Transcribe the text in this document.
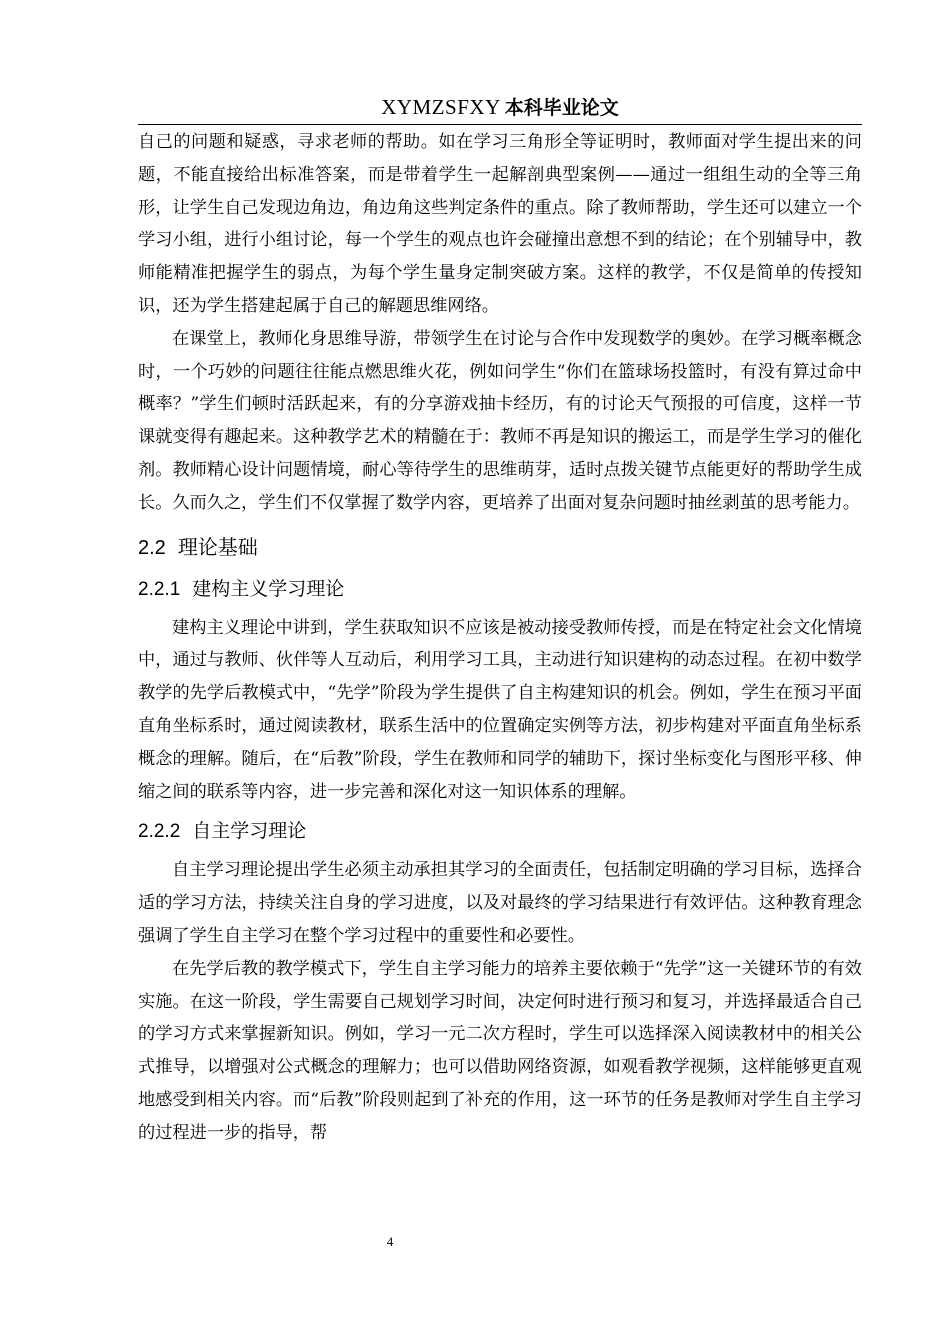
XYMZSFXY 本科毕业论文

自己的问题和疑惑，寻求老师的帮助。如在学习三角形全等证明时，教师面对学生提出来的问题，不能直接给出标准答案，而是带着学生一起解剖典型案例——通过一组组生动的全等三角形，让学生自己发现边角边，角边角这些判定条件的重点。除了教师帮助，学生还可以建立一个学习小组，进行小组讨论，每一个学生的观点也许会碰撞出意想不到的结论；在个别辅导中，教师能精准把握学生的弱点，为每个学生量身定制突破方案。这样的教学，不仅是简单的传授知识，还为学生搭建起属于自己的解题思维网络。

在课堂上，教师化身思维导游，带领学生在讨论与合作中发现数学的奥妙。在学习概率概念时，一个巧妙的问题往往能点燃思维火花，例如问学生“你们在篮球场投篮时，有没有算过命中概率？”学生们顿时活跃起来，有的分享游戏抽卡经历，有的讨论天气预报的可信度，这样一节课就变得有趣起来。这种教学艺术的精髓在于：教师不再是知识的搬运工，而是学生学习的催化剂。教师精心设计问题情境，耐心等待学生的思维萌芽，适时点拨关键节点能更好的帮助学生成长。久而久之，学生们不仅掌握了数学内容，更培养了出面对复杂问题时抽丝剥茧的思考能力。

2.2 理论基础
2.2.1 建构主义学习理论

建构主义理论中讲到，学生获取知识不应该是被动接受教师传授，而是在特定社会文化情境中，通过与教师、伙伴等人互动后，利用学习工具，主动进行知识建构的动态过程。在初中数学教学的先学后教模式中，“先学”阶段为学生提供了自主构建知识的机会。例如，学生在预习平面直角坐标系时，通过阅读教材，联系生活中的位置确定实例等方法，初步构建对平面直角坐标系概念的理解。随后，在“后教”阶段，学生在教师和同学的辅助下，探讨坐标变化与图形平移、伸缩之间的联系等内容，进一步完善和深化对这一知识体系的理解。

2.2.2 自主学习理论

自主学习理论提出学生必须主动承担其学习的全面责任，包括制定明确的学习目标，选择合适的学习方法，持续关注自身的学习进度，以及对最终的学习结果进行有效评估。这种教育理念强调了学生自主学习在整个学习过程中的重要性和必要性。

在先学后教的教学模式下，学生自主学习能力的培养主要依赖于“先学”这一关键环节的有效实施。在这一阶段，学生需要自己规划学习时间，决定何时进行预习和复习，并选择最适合自己的学习方式来掌握新知识。例如，学习一元二次方程时，学生可以选择深入阅读教材中的相关公式推导，以增强对公式概念的理解力；也可以借助网络资源，如观看教学视频，这样能够更直观地感受到相关内容。而“后教”阶段则起到了补充的作用，这一环节的任务是教师对学生自主学习的过程进一步的指导，帮

4
